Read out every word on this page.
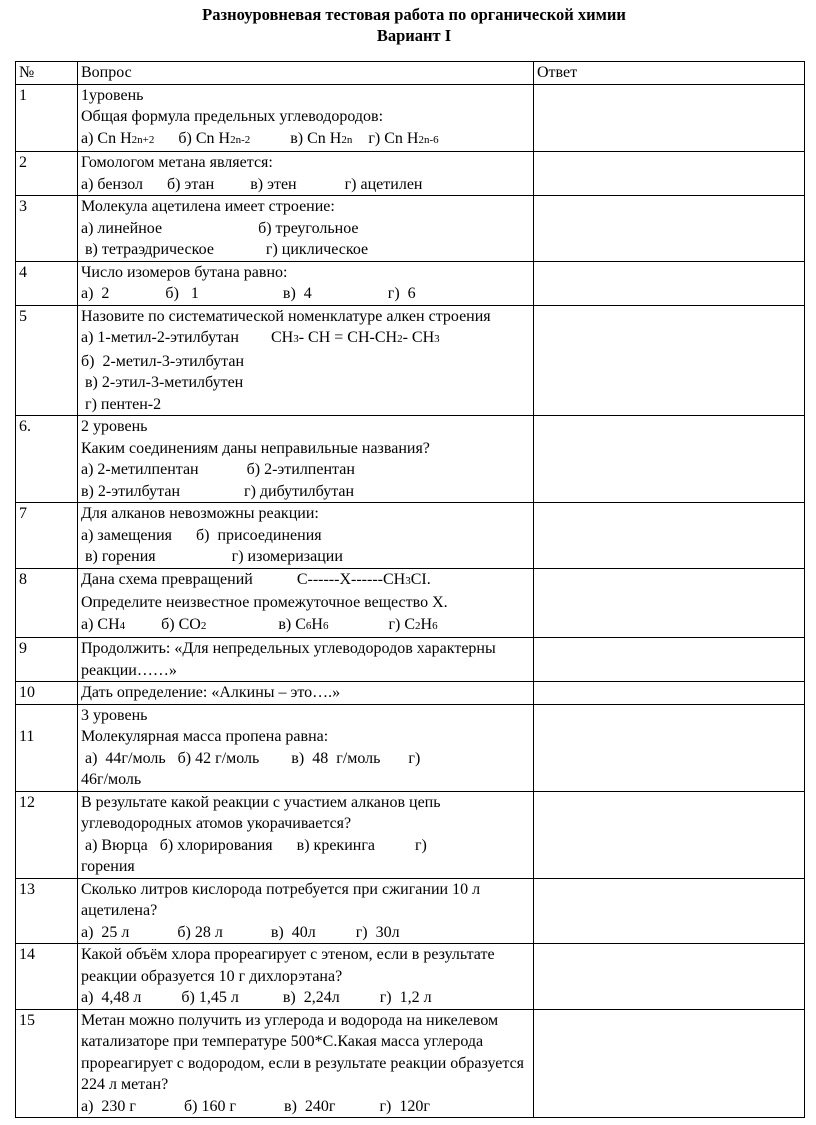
Разноуровневая тестовая работа по органической химии
Вариант I
№	Вопрос	Ответ
1	1уровень
Общая формула предельных углеводородов:
а) Cn H2n+2 б) Cn H2n-2 в) Cn H2n г) Cn H2n-6	

2	Гомологом метана является:
а) бензол      б) этан         в) этен            г) ацетилен	

3	Молекула ацетилена имеет строение:
а) линейное                        б) треугольное
в) тетраэдрическое             г) циклическое	

4	Число изомеров бутана равно:
а)  2              б)   1                     в)  4                   г)  6	

5	Назовите по систематической номенклатуре алкен строения
а) 1-метил-2-этилбутан        CH3- CH = CH-CH2- CH3
б)  2-метил-3-этилбутан
в) 2-этил-3-метилбутен
г) пентен-2	

6.	2 уровень
Каким соединениям даны неправильные названия?
а) 2-метилпентан            б) 2-этилпентан
в) 2-этилбутан                г) дибутилбутан	

7	Для алканов невозможны реакции:
а) замещения      б)  присоединения
в) горения                   г) изомеризации	

8	Дана схема превращений           C------X------CH3CI.
Определите неизвестное промежуточное вещество X.
а) CH4         б) CO2                  в) C6H6               г) C2H6	

9	Продолжить: «Для непредельных углеводородов характерны реакции……»	

10	Дать определение: «Алкины – это….»	

11	3 уровень
Молекулярная масса пропена равна:
а)  44г/моль   б) 42 г/моль        в)  48  г/моль       г)
46г/моль	

12	В результате какой реакции с участием алканов цепь углеводородных атомов укорачивается?
а) Вюрца   б) хлорирования      в) крекинга          г)
горения	

13	Сколько литров кислорода потребуется при сжигании 10 л ацетилена?
а)  25 л            б) 28 л            в)  40л          г)  30л	

14	Какой объём хлора прореагирует с этеном, если в результате реакции образуется 10 г дихлорэтана?
а)  4,48 л          б) 1,45 л           в)  2,24л          г)  1,2 л	

15	Метан можно получить из углерода и водорода на никелевом катализаторе при температуре 500*С.Какая масса углерода прореагирует с водородом, если в результате реакции образуется 224 л метан?
а)  230 г            б) 160 г            в)  240г           г)  120г	
